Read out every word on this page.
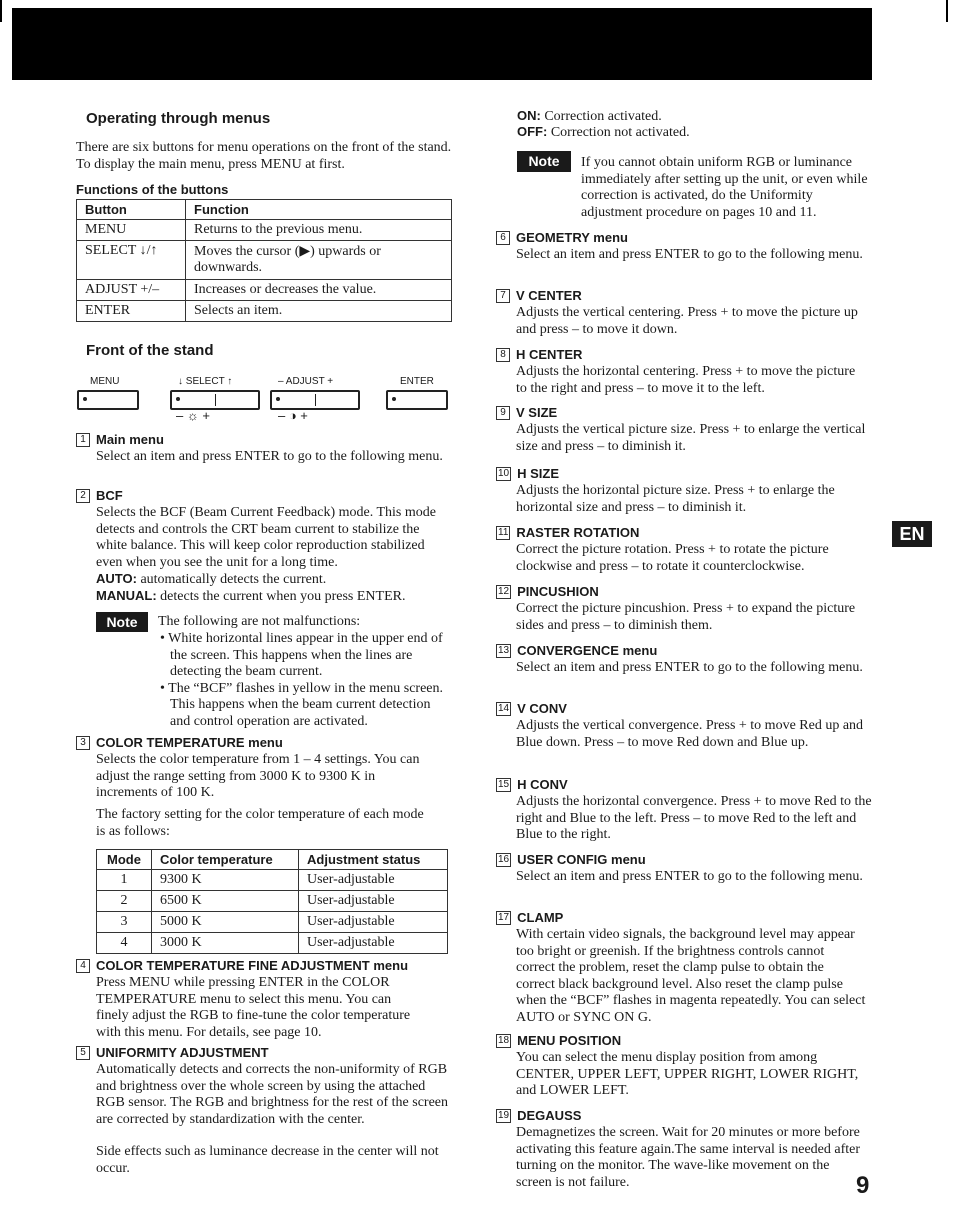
Operating through menus

There are six buttons for menu operations on the front of the stand. To display the main menu, press MENU at first.

Functions of the buttons
Button	Function
MENU	Returns to the previous menu.
SELECT ↓/↑	Moves the cursor (▶) upwards or downwards.
ADJUST +/–	Increases or decreases the value.
ENTER	Selects an item.
Front of the stand
MENU	↓ SELECT ↑	– ADJUST +	ENTER
– ☼ +	– ◑ +
1 Main menu

Select an item and press ENTER to go to the following menu.

2 BCF

Selects the BCF (Beam Current Feedback) mode. This mode detects and controls the CRT beam current to stabilize the white balance. This will keep color reproduction stabilized even when you see the unit for a long time.

AUTO: automatically detects the current.

MANUAL: detects the current when you press ENTER.

Note	The following are not malfunctions:

• White horizontal lines appear in the upper end of the screen. This happens when the lines are detecting the beam current.
• The “BCF” flashes in yellow in the menu screen. This happens when the beam current detection and control operation are activated.
3 COLOR TEMPERATURE menu

Selects the color temperature from 1 – 4 settings. You can adjust the range setting from 3000 K to 9300 K in increments of 100 K.

The factory setting for the color temperature of each mode is as follows:

Mode	Color temperature	Adjustment status
1	9300 K	User-adjustable
2	6500 K	User-adjustable
3	5000 K	User-adjustable
4	3000 K	User-adjustable
4 COLOR TEMPERATURE FINE ADJUSTMENT menu

Press MENU while pressing ENTER in the COLOR TEMPERATURE menu to select this menu. You can finely adjust the RGB to fine-tune the color temperature with this menu. For details, see page 10.

5 UNIFORMITY ADJUSTMENT

Automatically detects and corrects the non-uniformity of RGB and brightness over the whole screen by using the attached RGB sensor. The RGB and brightness for the rest of the screen are corrected by standardization with the center.

Side effects such as luminance decrease in the center will not occur.

ON: Correction activated.

OFF: Correction not activated.

Note	If you cannot obtain uniform RGB or luminance immediately after setting up the unit, or even while correction is activated, do the Uniformity adjustment procedure on pages 10 and 11.

6 GEOMETRY menu

Select an item and press ENTER to go to the following menu.

7 V CENTER

Adjusts the vertical centering. Press + to move the picture up and press – to move it down.

8 H CENTER

Adjusts the horizontal centering. Press + to move the picture to the right and press – to move it to the left.

9 V SIZE

Adjusts the vertical picture size. Press + to enlarge the vertical size and press – to diminish it.

10 H SIZE

Adjusts the horizontal picture size. Press + to enlarge the horizontal size and press – to diminish it.

11 RASTER ROTATION

Correct the picture rotation. Press + to rotate the picture clockwise and press – to rotate it counterclockwise.

12 PINCUSHION

Correct the picture pincushion. Press + to expand the picture sides and press – to diminish them.

13 CONVERGENCE menu

Select an item and press ENTER to go to the following menu.

14 V CONV

Adjusts the vertical convergence. Press + to move Red up and Blue down. Press – to move Red down and Blue up.

15 H CONV

Adjusts the horizontal convergence. Press + to move Red to the right and Blue to the left. Press – to move Red to the left and Blue to the right.

16 USER CONFIG menu

Select an item and press ENTER to go to the following menu.

17 CLAMP

With certain video signals, the background level may appear too bright or greenish. If the brightness controls cannot correct the problem, reset the clamp pulse to obtain the correct black background level. Also reset the clamp pulse when the “BCF” flashes in magenta repeatedly. You can select AUTO or SYNC ON G.

18 MENU POSITION

You can select the menu display position from among CENTER, UPPER LEFT, UPPER RIGHT, LOWER RIGHT, and LOWER LEFT.

19 DEGAUSS

Demagnetizes the screen. Wait for 20 minutes or more before activating this feature again.The same interval is needed after turning on the monitor. The wave-like movement on the screen is not failure.

EN
9
